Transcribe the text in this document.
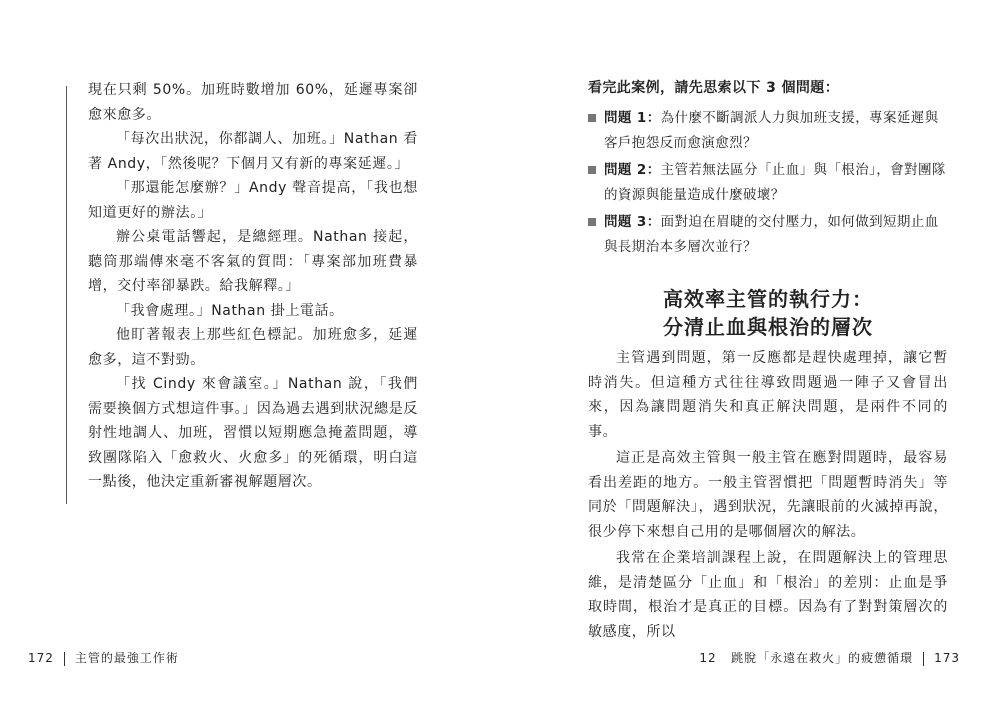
現在只剩 50%。加班時數增加 60%，延遲專案卻愈來愈多。

「每次出狀況，你都調人、加班。」Nathan 看著 Andy，「然後呢？下個月又有新的專案延遲。」

「那還能怎麼辦？」Andy 聲音提高，「我也想知道更好的辦法。」

辦公桌電話響起，是總經理。Nathan 接起，聽筒那端傳來毫不客氣的質問：「專案部加班費暴增，交付率卻暴跌。給我解釋。」

「我會處理。」Nathan 掛上電話。

他盯著報表上那些紅色標記。加班愈多，延遲愈多，這不對勁。

「找 Cindy 來會議室。」Nathan 說，「我們需要換個方式想這件事。」因為過去遇到狀況總是反射性地調人、加班，習慣以短期應急掩蓋問題，導致團隊陷入「愈救火、火愈多」的死循環，明白這一點後，他決定重新審視解題層次。

172 主管的最強工作術

看完此案例，請先思索以下 3 個問題：

問題 1：為什麼不斷調派人力與加班支援，專案延遲與客戶抱怨反而愈演愈烈？
問題 2：主管若無法區分「止血」與「根治」，會對團隊的資源與能量造成什麼破壞？
問題 3：面對迫在眉睫的交付壓力，如何做到短期止血與長期治本多層次並行？
高效率主管的執行力：
分清止血與根治的層次

主管遇到問題，第一反應都是趕快處理掉，讓它暫時消失。但這種方式往往導致問題過一陣子又會冒出來，因為讓問題消失和真正解決問題，是兩件不同的事。

這正是高效主管與一般主管在應對問題時，最容易看出差距的地方。一般主管習慣把「問題暫時消失」等同於「問題解決」，遇到狀況，先讓眼前的火滅掉再說，很少停下來想自己用的是哪個層次的解法。

我常在企業培訓課程上說，在問題解決上的管理思維，是清楚區分「止血」和「根治」的差別：止血是爭取時間，根治才是真正的目標。因為有了對對策層次的敏感度，所以

12 跳脫「永遠在救火」的疲憊循環 173
